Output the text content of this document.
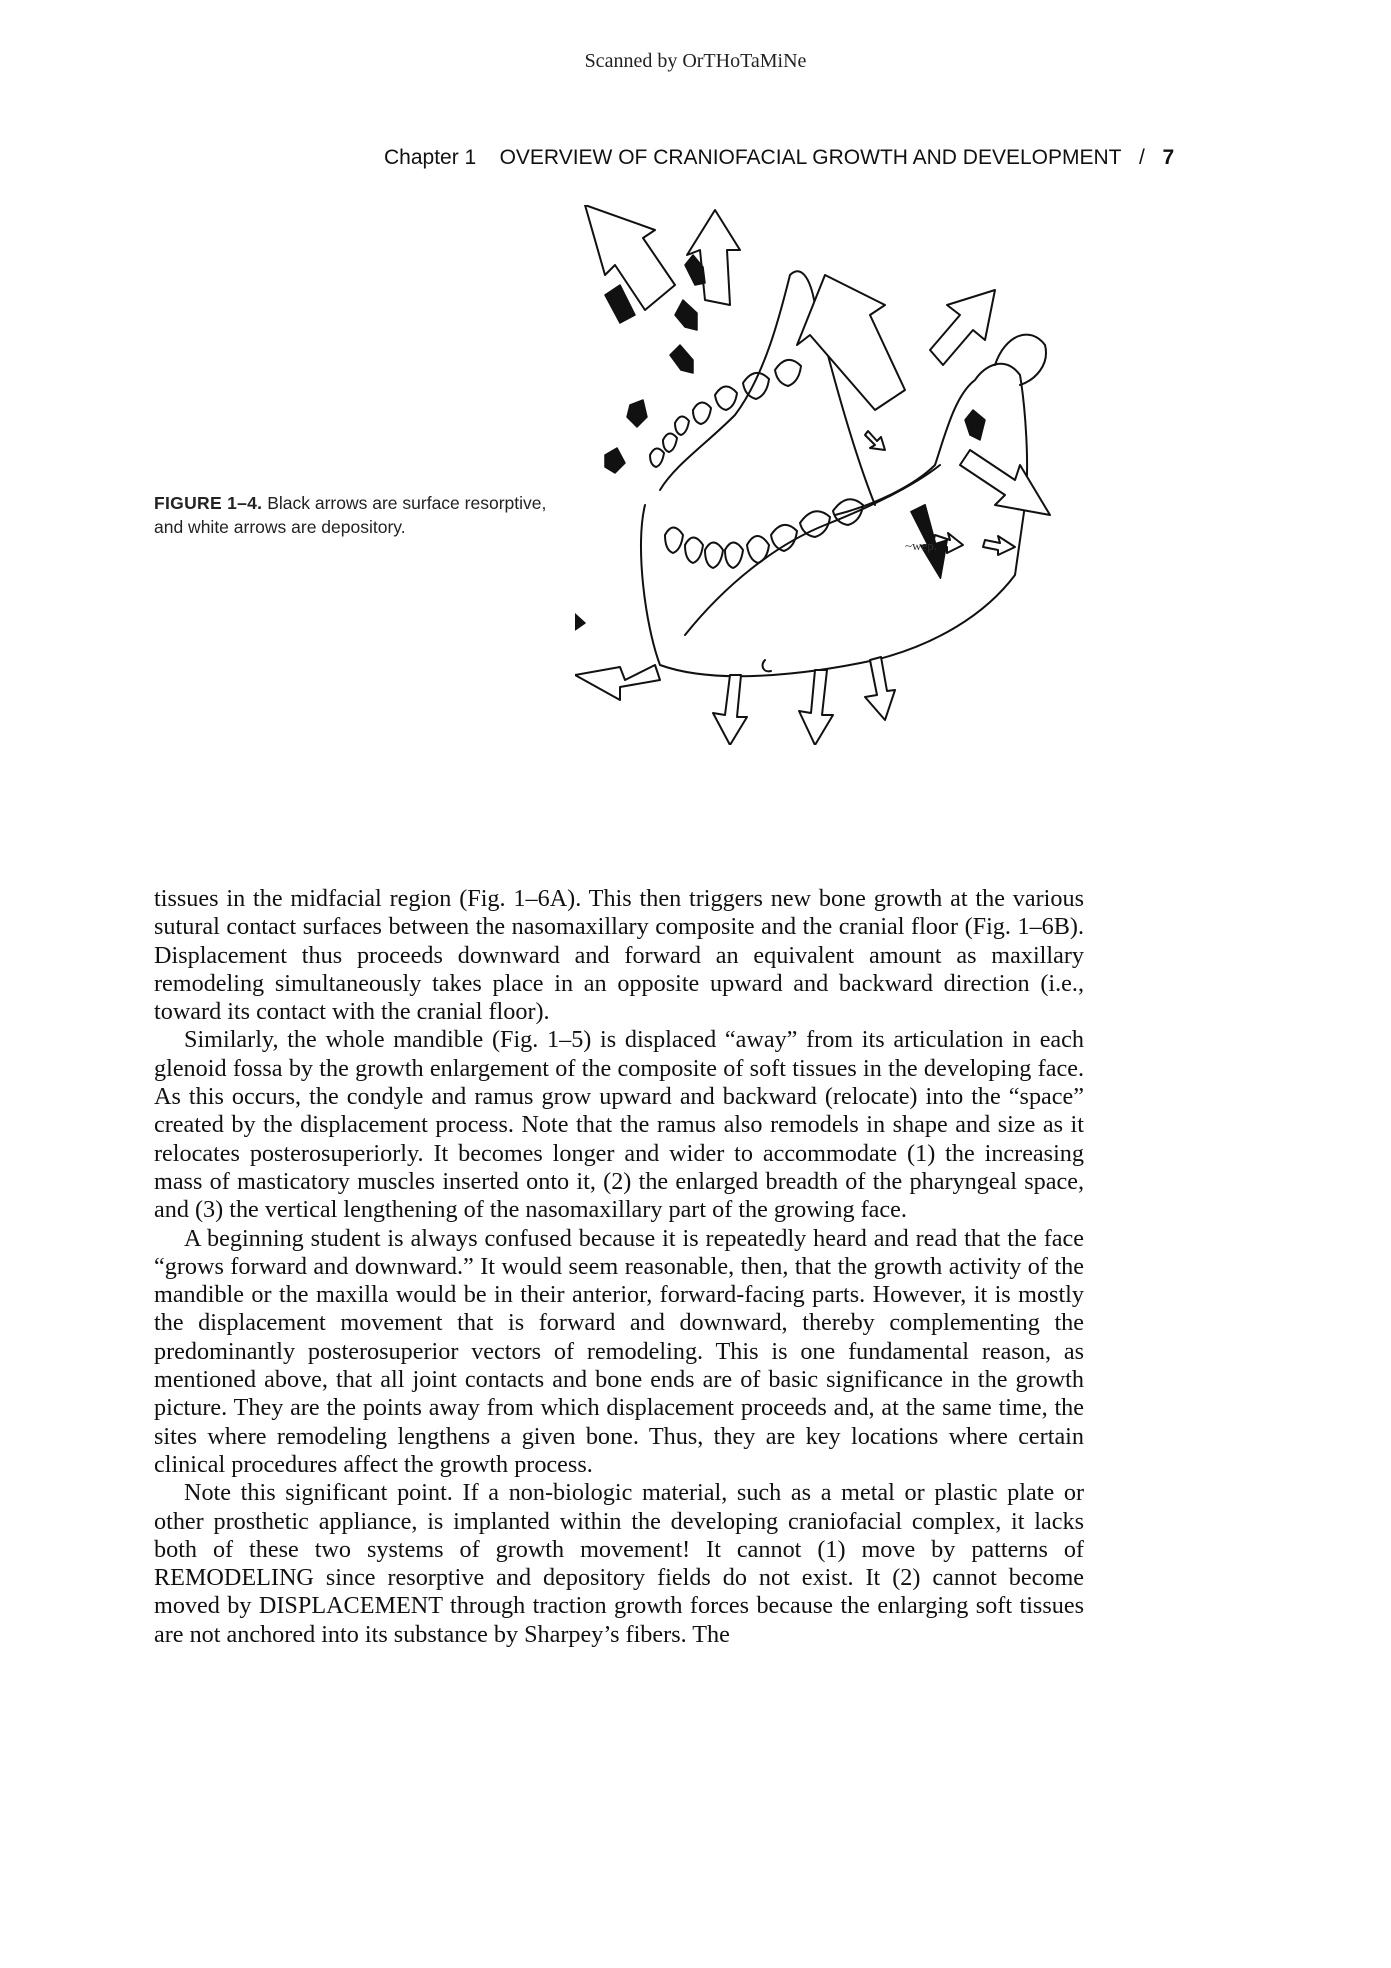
Scanned by OrTHoTaMiNe
Chapter 1 OVERVIEW OF CRANIOFACIAL GROWTH AND DEVELOPMENT / 7
FIGURE 1–4. Black arrows are surface resorptive, and white arrows are depository.
~wep.

tissues in the midfacial region (Fig. 1–6A). This then triggers new bone growth at the various sutural contact surfaces between the nasomaxillary composite and the cranial floor (Fig. 1–6B). Displacement thus proceeds downward and forward an equivalent amount as maxillary remodeling simultaneously takes place in an opposite upward and backward direction (i.e., toward its contact with the cranial floor).

Similarly, the whole mandible (Fig. 1–5) is displaced “away” from its articulation in each glenoid fossa by the growth enlargement of the composite of soft tissues in the developing face. As this occurs, the condyle and ramus grow upward and backward (relocate) into the “space” created by the displacement process. Note that the ramus also remodels in shape and size as it relocates posterosuperiorly. It becomes longer and wider to accommodate (1) the increasing mass of masticatory muscles inserted onto it, (2) the enlarged breadth of the pharyngeal space, and (3) the vertical lengthening of the nasomaxillary part of the growing face.

A beginning student is always confused because it is repeatedly heard and read that the face “grows forward and downward.” It would seem reasonable, then, that the growth activity of the mandible or the maxilla would be in their anterior, forward-facing parts. However, it is mostly the displacement movement that is forward and downward, thereby complementing the predominantly posterosuperior vectors of remodeling. This is one fundamental reason, as mentioned above, that all joint contacts and bone ends are of basic significance in the growth picture. They are the points away from which displacement proceeds and, at the same time, the sites where remodeling lengthens a given bone. Thus, they are key locations where certain clinical procedures affect the growth process.

Note this significant point. If a non-biologic material, such as a metal or plastic plate or other prosthetic appliance, is implanted within the developing craniofacial complex, it lacks both of these two systems of growth movement! It cannot (1) move by patterns of REMODELING since resorptive and depository fields do not exist. It (2) cannot become moved by DISPLACEMENT through traction growth forces because the enlarging soft tissues are not anchored into its substance by Sharpey’s fibers. The
